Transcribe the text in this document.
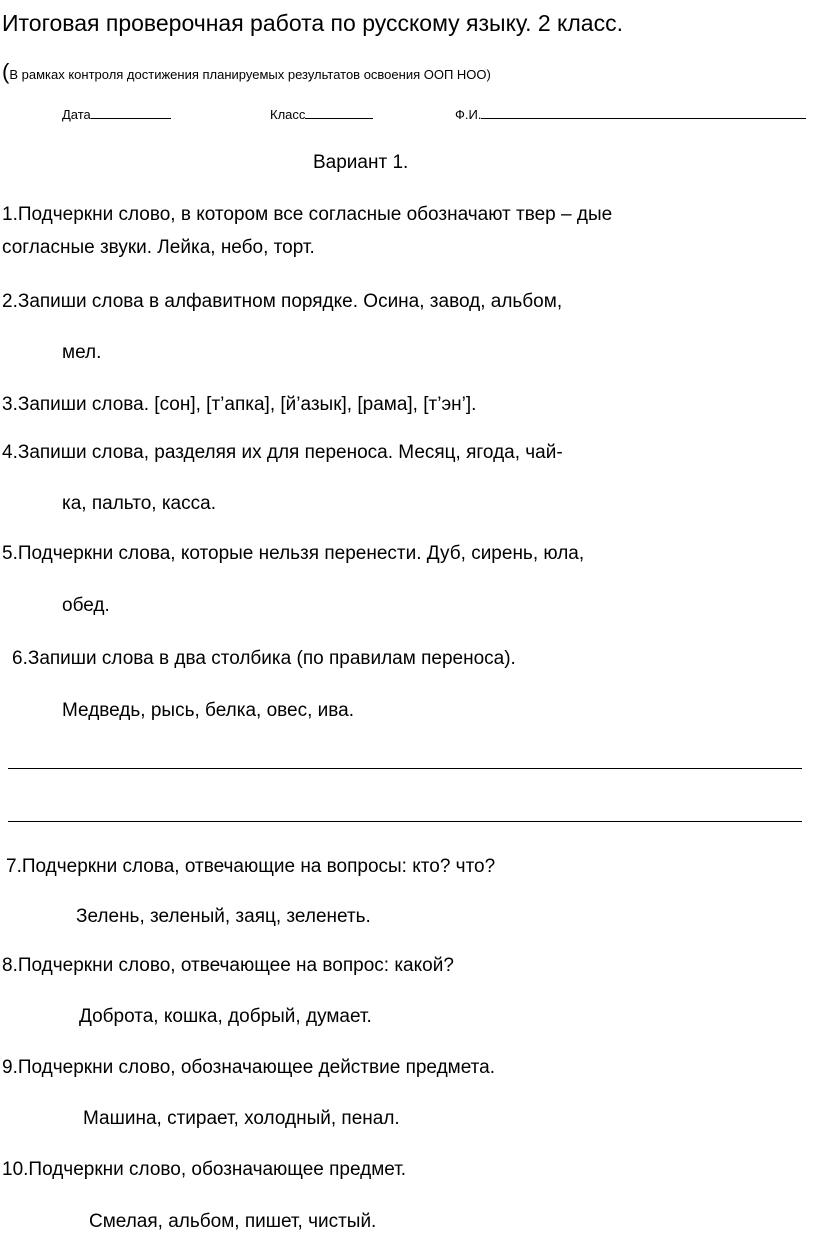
Итоговая проверочная работа по русскому языку. 2 класс.
(В рамках контроля достижения планируемых результатов освоения ООП НОО)
Дата	Класс	Ф.И.
Вариант 1.
1.Подчеркни слово, в котором все согласные обозначают твер – дые
согласные звуки. Лейка, небо, торт.
2.Запиши слова в алфавитном порядке. Осина, завод, альбом,
мел.
3.Запиши слова. [сон], [т’апка], [й’азык], [рама], [т’эн’].
4.Запиши слова, разделяя их для переноса. Месяц, ягода, чай-
ка, пальто, касса.
5.Подчеркни слова, которые нельзя перенести. Дуб, сирень, юла,
обед.
6.Запиши слова в два столбика (по правилам переноса).
Медведь, рысь, белка, овес, ива.
7.Подчеркни слова, отвечающие на вопросы: кто? что?
Зелень, зеленый, заяц, зеленеть.
8.Подчеркни слово, отвечающее на вопрос: какой?
Доброта, кошка, добрый, думает.
9.Подчеркни слово, обозначающее действие предмета.
Машина, стирает, холодный, пенал.
10.Подчеркни слово, обозначающее предмет.
Смелая, альбом, пишет, чистый.
